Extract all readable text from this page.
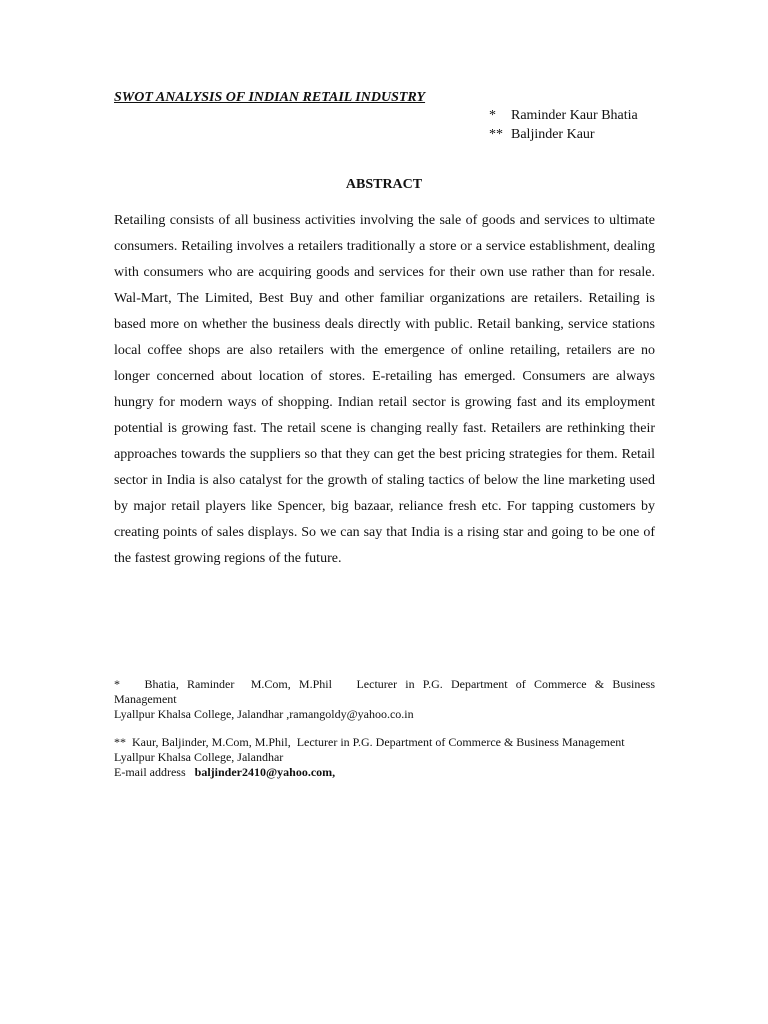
SWOT ANALYSIS OF INDIAN RETAIL INDUSTRY
*	Raminder Kaur Bhatia
** Baljinder Kaur
ABSTRACT
Retailing consists of all business activities involving the sale of goods and services to ultimate consumers. Retailing involves a retailers traditionally a store or a service establishment, dealing with consumers who are acquiring goods and services for their own use rather than for resale. Wal-Mart, The Limited, Best Buy and other familiar organizations are retailers. Retailing is based more on whether the business deals directly with public. Retail banking, service stations local coffee shops are also retailers with the emergence of online retailing, retailers are no longer concerned about location of stores. E-retailing has emerged. Consumers are always hungry for modern ways of shopping. Indian retail sector is growing fast and its employment potential is growing fast. The retail scene is changing really fast. Retailers are rethinking their approaches towards the suppliers so that they can get the best pricing strategies for them. Retail sector in India is also catalyst for the growth of staling tactics of below the line marketing used by major retail players like Spencer, big bazaar, reliance fresh etc. For tapping customers by creating points of sales displays. So we can say that India is a rising star and going to be one of the fastest growing regions of the future.
*   Bhatia, Raminder  M.Com, M.Phil   Lecturer in P.G. Department of Commerce & Business
Management
Lyallpur Khalsa College, Jalandhar ,ramangoldy@yahoo.co.in
**  Kaur, Baljinder, M.Com, M.Phil,  Lecturer in P.G. Department of Commerce & Business Management
Lyallpur Khalsa College, Jalandhar
E-mail address baljinder2410@yahoo.com,
